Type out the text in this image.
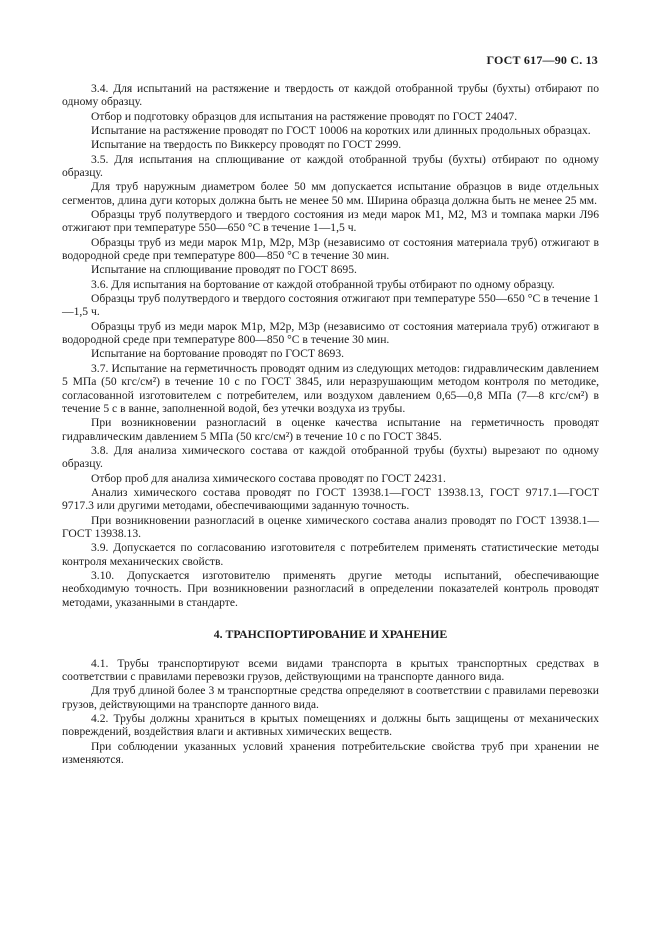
ГОСТ 617—90 С. 13

3.4. Для испытаний на растяжение и твердость от каждой отобранной трубы (бухты) отбирают по одному образцу.

Отбор и подготовку образцов для испытания на растяжение проводят по ГОСТ 24047.

Испытание на растяжение проводят по ГОСТ 10006 на коротких или длинных продольных образцах.

Испытание на твердость по Виккерсу проводят по ГОСТ 2999.

3.5. Для испытания на сплющивание от каждой отобранной трубы (бухты) отбирают по одному образцу.

Для труб наружным диаметром более 50 мм допускается испытание образцов в виде отдельных сегментов, длина дуги которых должна быть не менее 50 мм. Ширина образца должна быть не менее 25 мм.

Образцы труб полутвердого и твердого состояния из меди марок М1, М2, М3 и томпака марки Л96 отжигают при температуре 550—650 °С в течение 1—1,5 ч.

Образцы труб из меди марок М1р, М2р, М3р (независимо от состояния материала труб) отжигают в водородной среде при температуре 800—850 °С в течение 30 мин.

Испытание на сплющивание проводят по ГОСТ 8695.

3.6. Для испытания на бортование от каждой отобранной трубы отбирают по одному образцу.

Образцы труб полутвердого и твердого состояния отжигают при температуре 550—650 °С в течение 1—1,5 ч.

Образцы труб из меди марок М1р, М2р, М3р (независимо от состояния материала труб) отжигают в водородной среде при температуре 800—850 °С в течение 30 мин.

Испытание на бортование проводят по ГОСТ 8693.

3.7. Испытание на герметичность проводят одним из следующих методов: гидравлическим давлением 5 МПа (50 кгс/см²) в течение 10 с по ГОСТ 3845, или неразрушающим методом контроля по методике, согласованной изготовителем с потребителем, или воздухом давлением 0,65—0,8 МПа (7—8 кгс/см²) в течение 5 с в ванне, заполненной водой, без утечки воздуха из трубы.

При возникновении разногласий в оценке качества испытание на герметичность проводят гидравлическим давлением 5 МПа (50 кгс/см²) в течение 10 с по ГОСТ 3845.

3.8. Для анализа химического состава от каждой отобранной трубы (бухты) вырезают по одному образцу.

Отбор проб для анализа химического состава проводят по ГОСТ 24231.

Анализ химического состава проводят по ГОСТ 13938.1—ГОСТ 13938.13, ГОСТ 9717.1—ГОСТ 9717.3 или другими методами, обеспечивающими заданную точность.

При возникновении разногласий в оценке химического состава анализ проводят по ГОСТ 13938.1—ГОСТ 13938.13.

3.9. Допускается по согласованию изготовителя с потребителем применять статистические методы контроля механических свойств.

3.10. Допускается изготовителю применять другие методы испытаний, обеспечивающие необходимую точность. При возникновении разногласий в определении показателей контроль проводят методами, указанными в стандарте.

4. ТРАНСПОРТИРОВАНИЕ И ХРАНЕНИЕ

4.1. Трубы транспортируют всеми видами транспорта в крытых транспортных средствах в соответствии с правилами перевозки грузов, действующими на транспорте данного вида.

Для труб длиной более 3 м транспортные средства определяют в соответствии с правилами перевозки грузов, действующими на транспорте данного вида.

4.2. Трубы должны храниться в крытых помещениях и должны быть защищены от механических повреждений, воздействия влаги и активных химических веществ.

При соблюдении указанных условий хранения потребительские свойства труб при хранении не изменяются.
